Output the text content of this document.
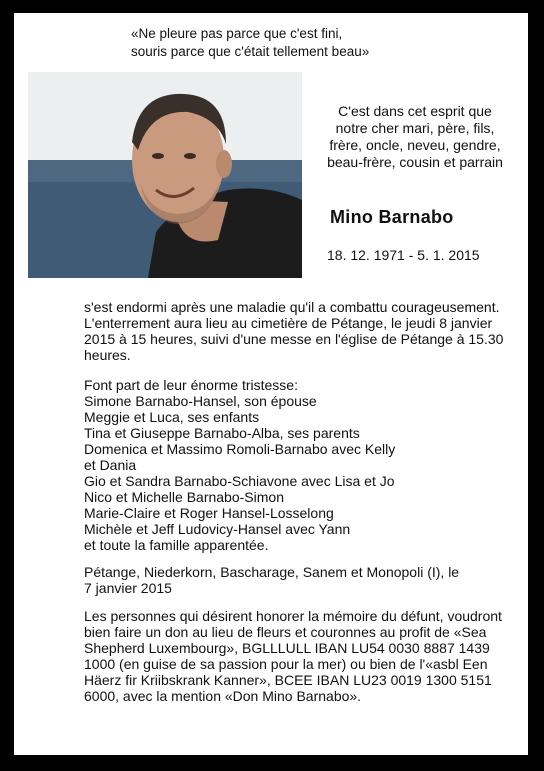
«Ne pleure pas parce que c'est fini,
souris parce que c'était tellement beau»
C'est dans cet esprit que
notre cher mari, père, fils,
frère, oncle, neveu, gendre,
beau-frère, cousin et parrain
Mino Barnabo
18. 12. 1971 - 5. 1. 2015
s'est endormi après une maladie qu'il a combattu courageusement.
L'enterrement aura lieu au cimetière de Pétange, le jeudi 8 janvier
2015 à 15 heures, suivi d'une messe en l'église de Pétange à 15.30
heures.
Font part de leur énorme tristesse:
Simone Barnabo-Hansel, son épouse
Meggie et Luca, ses enfants
Tina et Giuseppe Barnabo-Alba, ses parents
Domenica et Massimo Romoli-Barnabo avec Kelly
et Dania
Gio et Sandra Barnabo-Schiavone avec Lisa et Jo
Nico et Michelle Barnabo-Simon
Marie-Claire et Roger Hansel-Losselong
Michèle et Jeff Ludovicy-Hansel avec Yann
et toute la famille apparentée.
Pétange, Niederkorn, Bascharage, Sanem et Monopoli (I), le
7 janvier 2015
Les personnes qui désirent honorer la mémoire du défunt, voudront
bien faire un don au lieu de fleurs et couronnes au profit de «Sea
Shepherd Luxembourg», BGLLLULL IBAN LU54 0030 8887 1439
1000 (en guise de sa passion pour la mer) ou bien de l'«asbl Een
Häerz fir Kriibskrank Kanner», BCEE IBAN LU23 0019 1300 5151
6000, avec la mention «Don Mino Barnabo».
